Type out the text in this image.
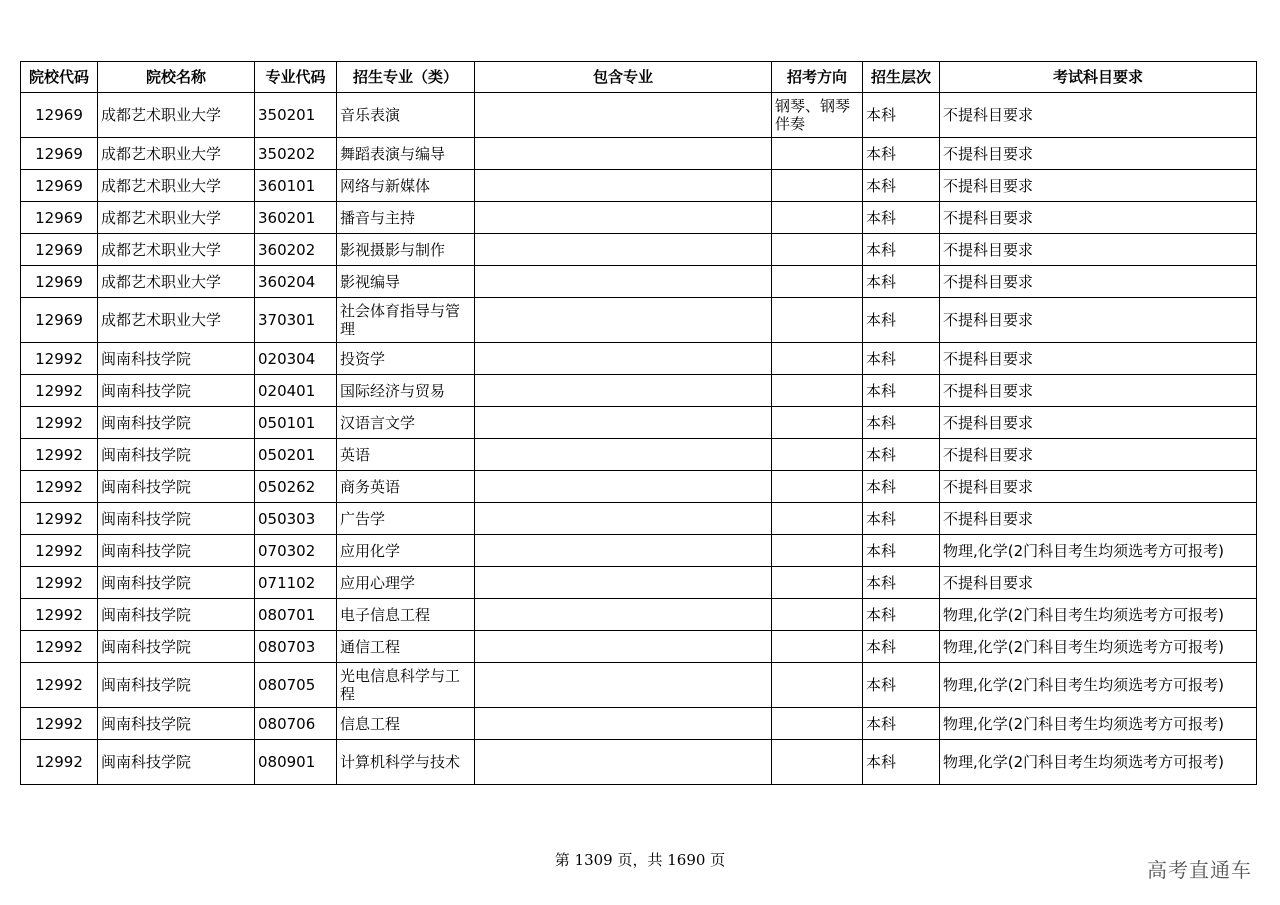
院校代码	院校名称	专业代码	招生专业（类）	包含专业	招考方向	招生层次	考试科目要求
12969	成都艺术职业大学	350201	音乐表演		钢琴、钢琴伴奏	本科	不提科目要求
12969	成都艺术职业大学	350202	舞蹈表演与编导			本科	不提科目要求
12969	成都艺术职业大学	360101	网络与新媒体			本科	不提科目要求
12969	成都艺术职业大学	360201	播音与主持			本科	不提科目要求
12969	成都艺术职业大学	360202	影视摄影与制作			本科	不提科目要求
12969	成都艺术职业大学	360204	影视编导			本科	不提科目要求
12969	成都艺术职业大学	370301	社会体育指导与管理			本科	不提科目要求
12992	闽南科技学院	020304	投资学			本科	不提科目要求
12992	闽南科技学院	020401	国际经济与贸易			本科	不提科目要求
12992	闽南科技学院	050101	汉语言文学			本科	不提科目要求
12992	闽南科技学院	050201	英语			本科	不提科目要求
12992	闽南科技学院	050262	商务英语			本科	不提科目要求
12992	闽南科技学院	050303	广告学			本科	不提科目要求
12992	闽南科技学院	070302	应用化学			本科	物理,化学(2门科目考生均须选考方可报考)
12992	闽南科技学院	071102	应用心理学			本科	不提科目要求
12992	闽南科技学院	080701	电子信息工程			本科	物理,化学(2门科目考生均须选考方可报考)
12992	闽南科技学院	080703	通信工程			本科	物理,化学(2门科目考生均须选考方可报考)
12992	闽南科技学院	080705	光电信息科学与工程			本科	物理,化学(2门科目考生均须选考方可报考)
12992	闽南科技学院	080706	信息工程			本科	物理,化学(2门科目考生均须选考方可报考)
12992	闽南科技学院	080901	计算机科学与技术			本科	物理,化学(2门科目考生均须选考方可报考)
第 1309 页，共 1690 页	高考直通车
